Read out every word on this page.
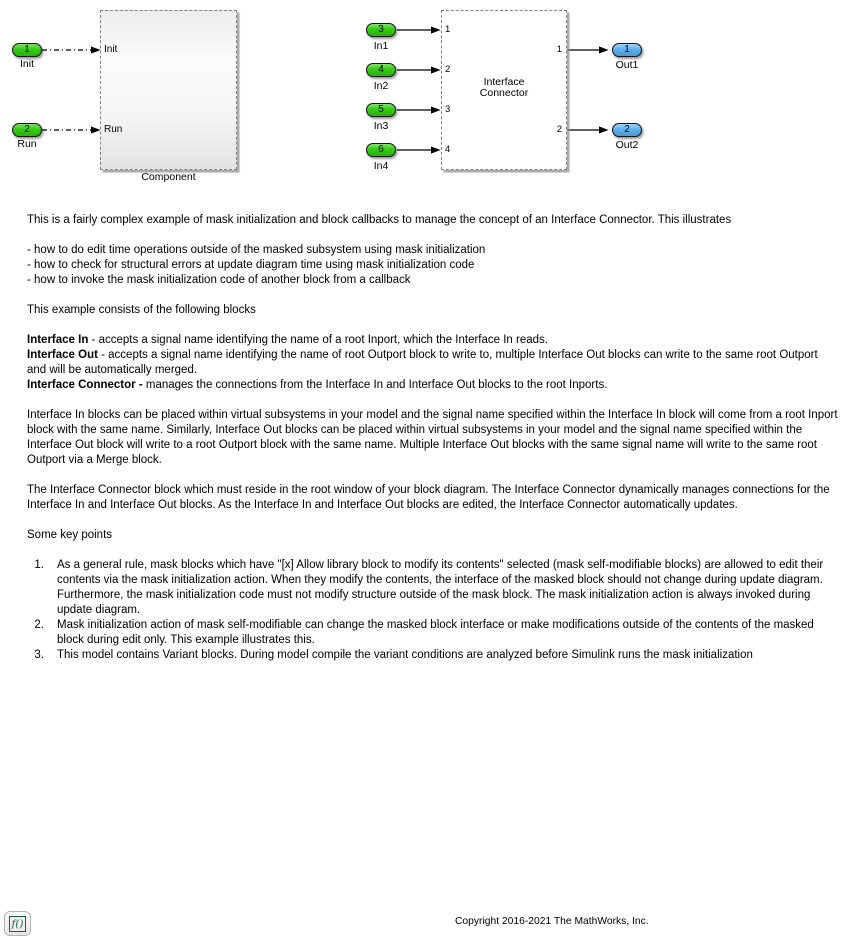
1
Init
2
Run
Init
Run
Component
3
In1
4
In2
5
In3
6
In4
1
2
3
4
1
2
Interface
Connector
1
Out1
2
Out2

This is a fairly complex example of mask initialization and block callbacks to manage the concept of an Interface Connector. This illustrates

- how to do edit time operations outside of the masked subsystem using mask initialization
- how to check for structural errors at update diagram time using mask initialization code
- how to invoke the mask initialization code of another block from a callback

This example consists of the following blocks

Interface In - accepts a signal name identifying the name of a root Inport, which the Interface In reads.
Interface Out - accepts a signal name identifying the name of root Outport block to write to, multiple Interface Out blocks can write to the same root Outport and will be automatically merged.
Interface Connector - manages the connections from the Interface In and Interface Out blocks to the root Inports.

Interface In blocks can be placed within virtual subsystems in your model and the signal name specified within the Interface In block will come from a root Inport block with the same name. Similarly, Interface Out blocks can be placed within virtual subsystems in your model and the signal name specified within the Interface Out block will write to a root Outport block with the same name. Multiple Interface Out blocks with the same signal name will write to the same root Outport via a Merge block.

The Interface Connector block which must reside in the root window of your block diagram. The Interface Connector dynamically manages connections for the Interface In and Interface Out blocks. As the Interface In and Interface Out blocks are edited, the Interface Connector automatically updates.

Some key points

1.	As a general rule, mask blocks which have "[x] Allow library block to modify its contents" selected (mask self-modifiable blocks) are allowed to edit their contents via the mask initialization action. When they modify the contents, the interface of the masked block should not change during update diagram. Furthermore, the mask initialization code must not modify structure outside of the mask block. The mask initialization action is always invoked during update diagram.
2.	Mask initialization action of mask self-modifiable can change the masked block interface or make modifications outside of the contents of the masked block during edit only. This example illustrates this.
3.	This model contains Variant blocks. During model compile the variant conditions are analyzed before Simulink runs the mask initialization
f()	Copyright 2016-2021 The MathWorks, Inc.
